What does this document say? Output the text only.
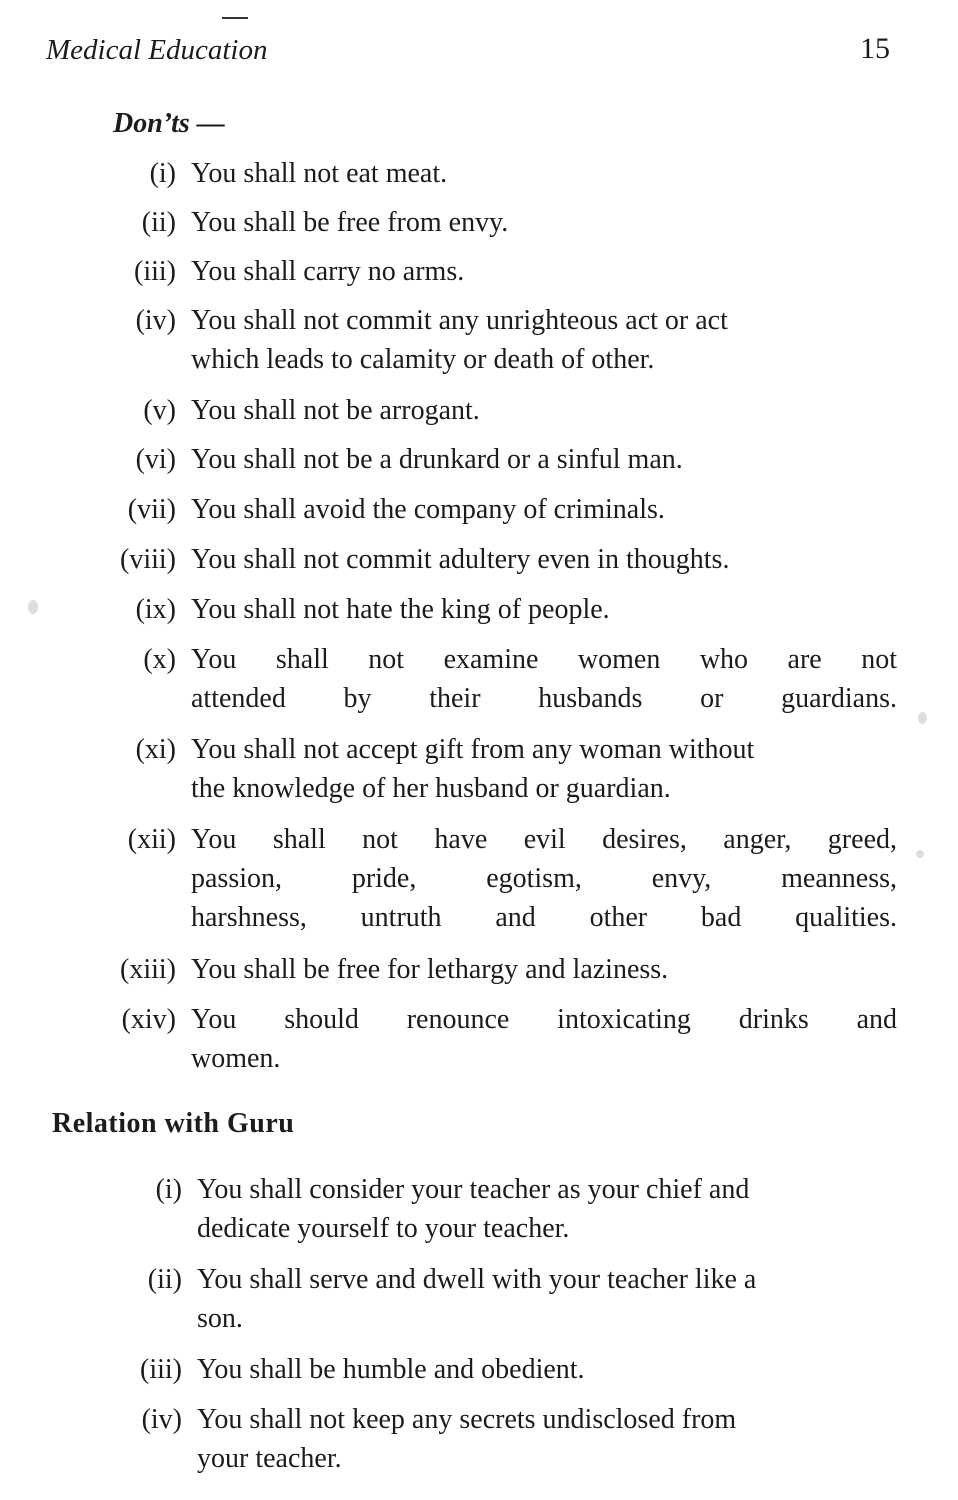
Medical Education	15
Don’ts —
(i) You shall not eat meat.
(ii) You shall be free from envy.
(iii) You shall carry no arms.
(iv) You shall not commit any unrighteous act or act
which leads to calamity or death of other.
(v) You shall not be arrogant.
(vi) You shall not be a drunkard or a sinful man.
(vii) You shall avoid the company of criminals.
(viii) You shall not commit adultery even in thoughts.
(ix) You shall not hate the king of people.
(x) You shall not examine women who are not
attended by their husbands or guardians.
(xi) You shall not accept gift from any woman without
the knowledge of her husband or guardian.
(xii) You shall not have evil desires, anger, greed,
passion, pride, egotism, envy, meanness,
harshness, untruth and other bad qualities.
(xiii) You shall be free for lethargy and laziness.
(xiv) You should renounce intoxicating drinks and
women.
Relation with Guru
(i) You shall consider your teacher as your chief and
dedicate yourself to your teacher.
(ii) You shall serve and dwell with your teacher like a
son.
(iii) You shall be humble and obedient.
(iv) You shall not keep any secrets undisclosed from
your teacher.
